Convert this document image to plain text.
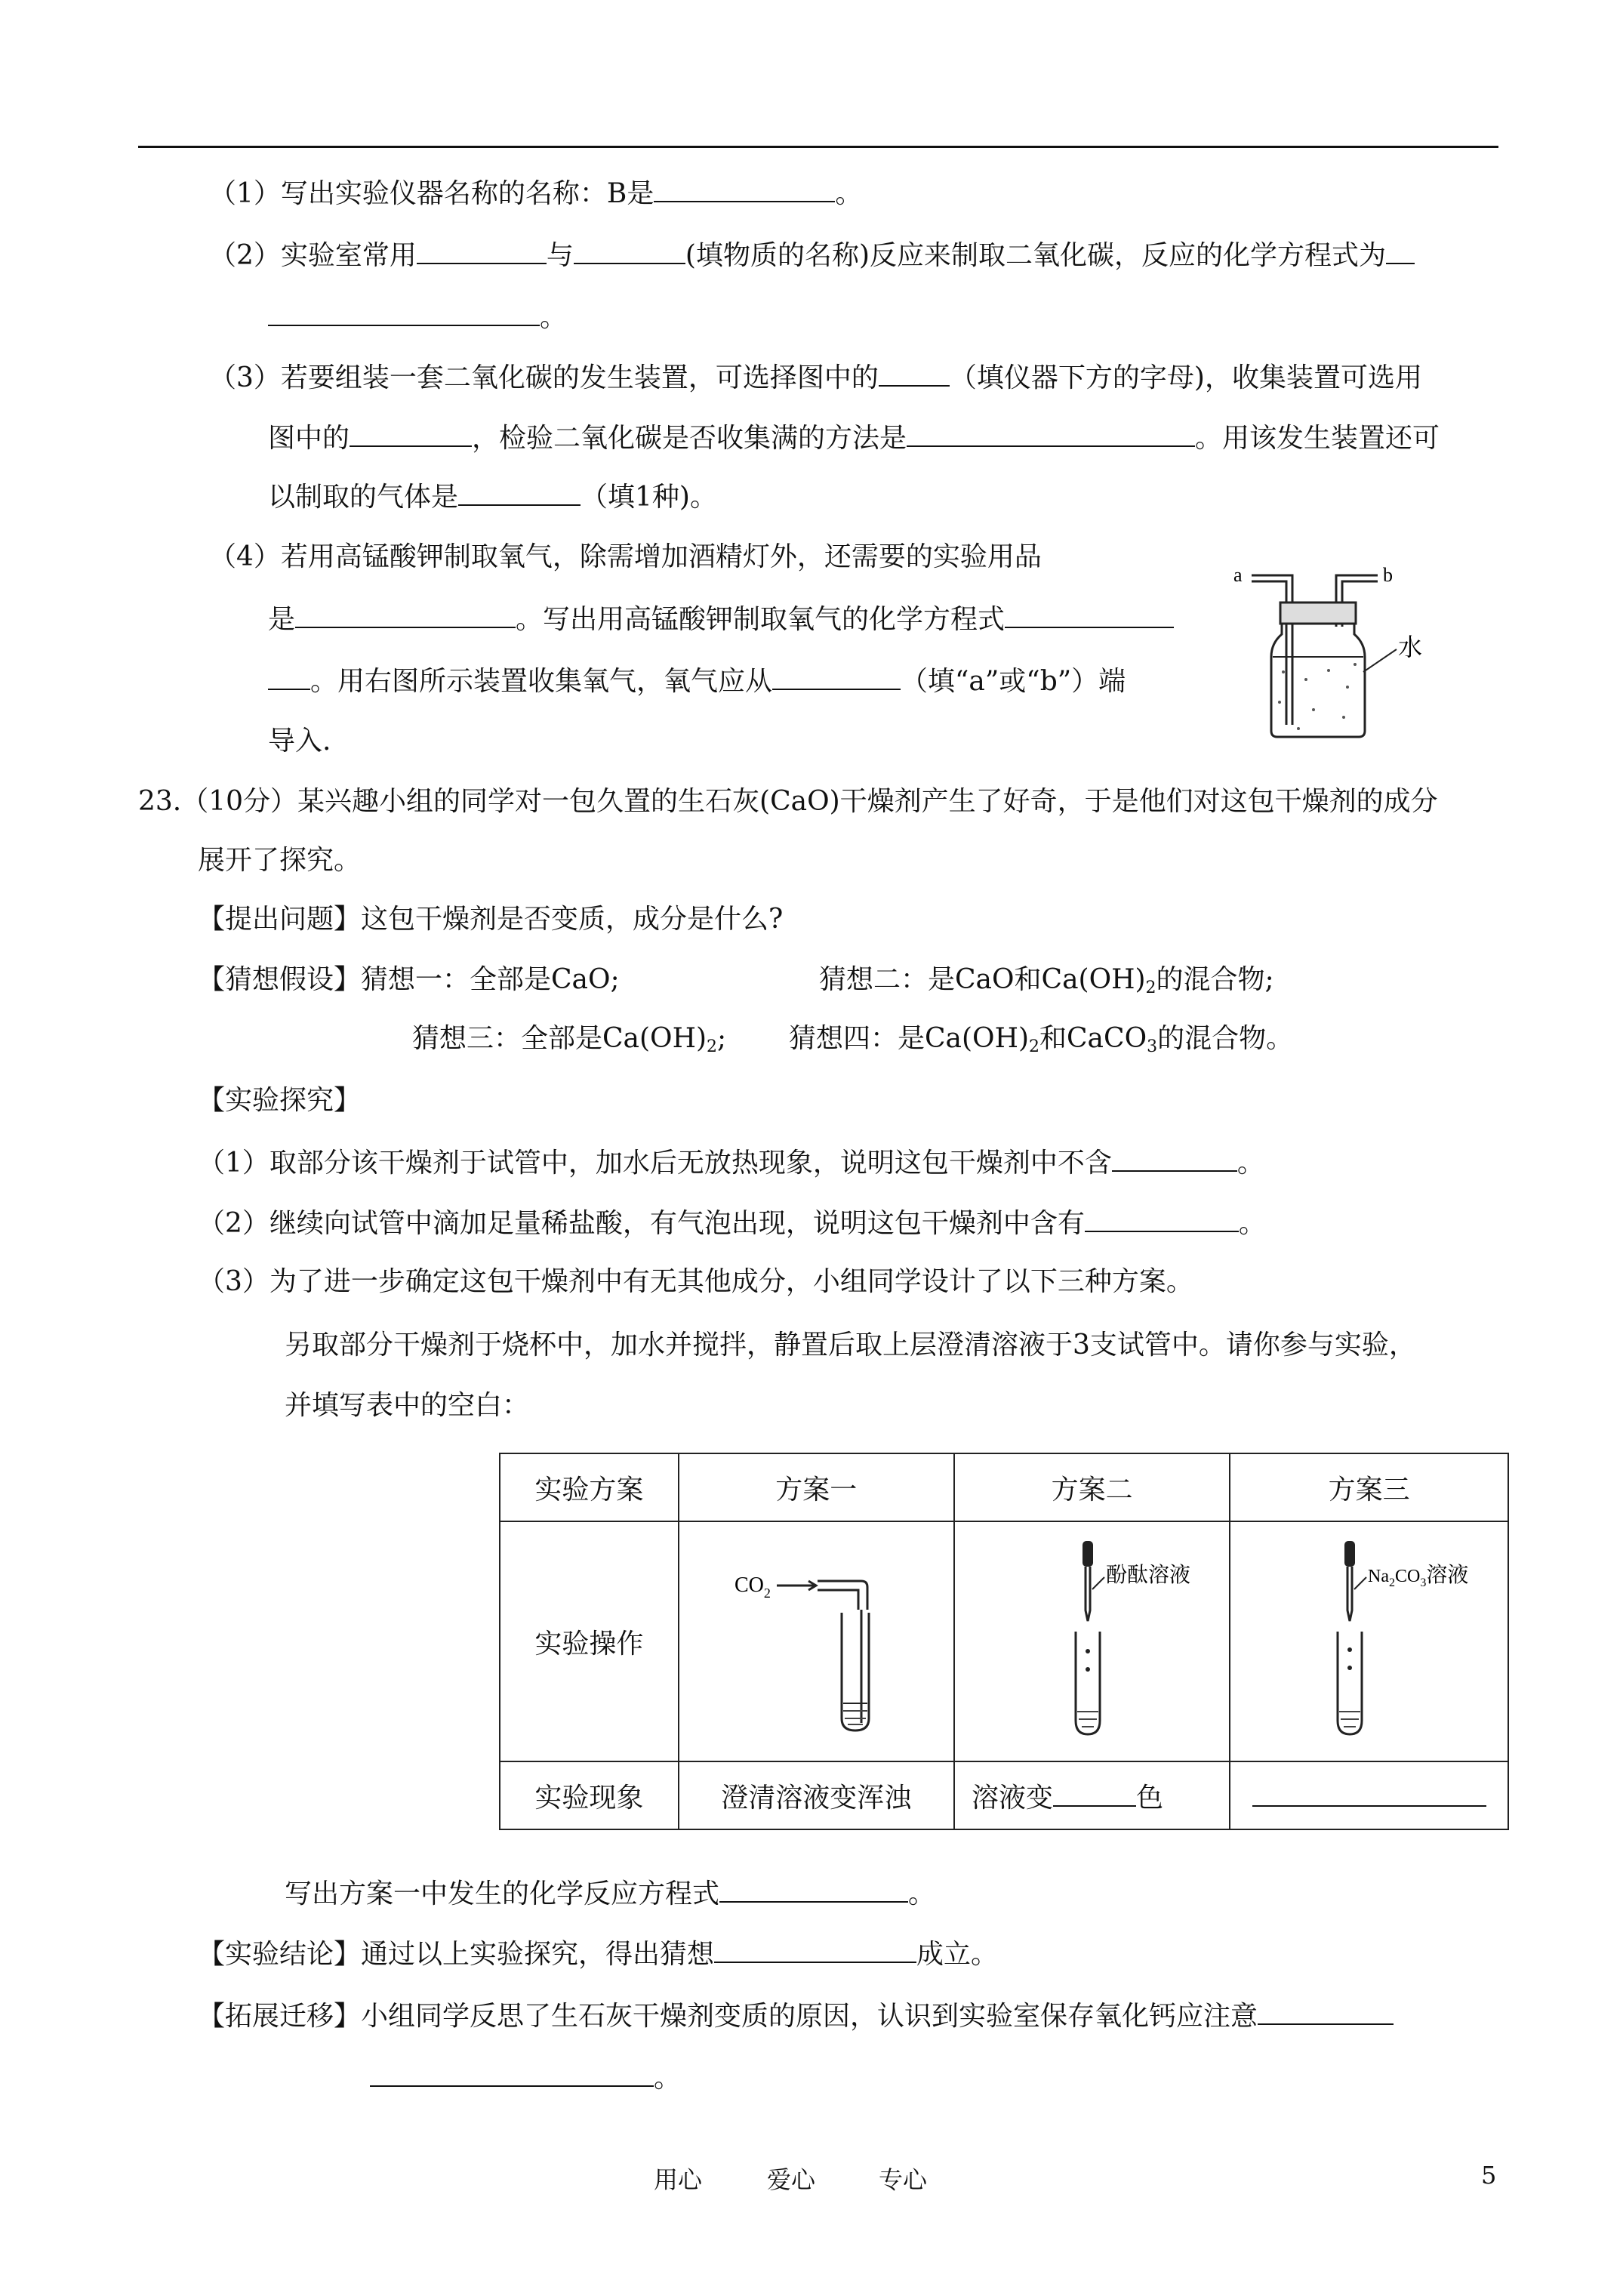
（1）写出实验仪器名称的名称：B是	。
（2）实验室常用	与	(填物质的名称)反应来制取二氧化碳，反应的化学方程式为
。
（3）若要组装一套二氧化碳的发生装置，可选择图中的	（填仪器下方的字母)，收集装置可选用
图中的	，检验二氧化碳是否收集满的方法是	。用该发生装置还可
以制取的气体是	（填1种)。
（4）若用高锰酸钾制取氧气，除需增加酒精灯外，还需要的实验用品
是	。写出用高锰酸钾制取氧气的化学方程式
。用右图所示装置收集氧气，氧气应从	（填“a”或“b”）端
导入.
a	b
水
23.（10分）某兴趣小组的同学对一包久置的生石灰(CaO)干燥剂产生了好奇，于是他们对这包干燥剂的成分
展开了探究。
【提出问题】这包干燥剂是否变质，成分是什么?
【猜想假设】猜想一：全部是CaO;	猜想二：是CaO和$Ca(OH)_2$的混合物;
猜想三：全部是$Ca(OH)_2$; 猜想四：是$Ca(OH)_2$和CaCO$_3$的混合物。
【实验探究】
（1）取部分该干燥剂于试管中，加水后无放热现象，说明这包干燥剂中不含	。
（2）继续向试管中滴加足量稀盐酸，有气泡出现，说明这包干燥剂中含有	。
（3）为了进一步确定这包干燥剂中有无其他成分，小组同学设计了以下三种方案。
另取部分干燥剂于烧杯中，加水并搅拌，静置后取上层澄清溶液于3支试管中。请你参与实验，
并填写表中的空白：
实验方案	方案一	方案二	方案三
实验操作	$CO_2$	酚酞溶液	$Na_2CO_3$溶液

实验现象	澄清溶液变浑浊	溶液变 色	
写出方案一中发生的化学反应方程式	。
【实验结论】通过以上实验探究，得出猜想	成立。
【拓展迁移】小组同学反思了生石灰干燥剂变质的原因，认识到实验室保存氧化钙应注意
。
用心	爱心	专心	5
